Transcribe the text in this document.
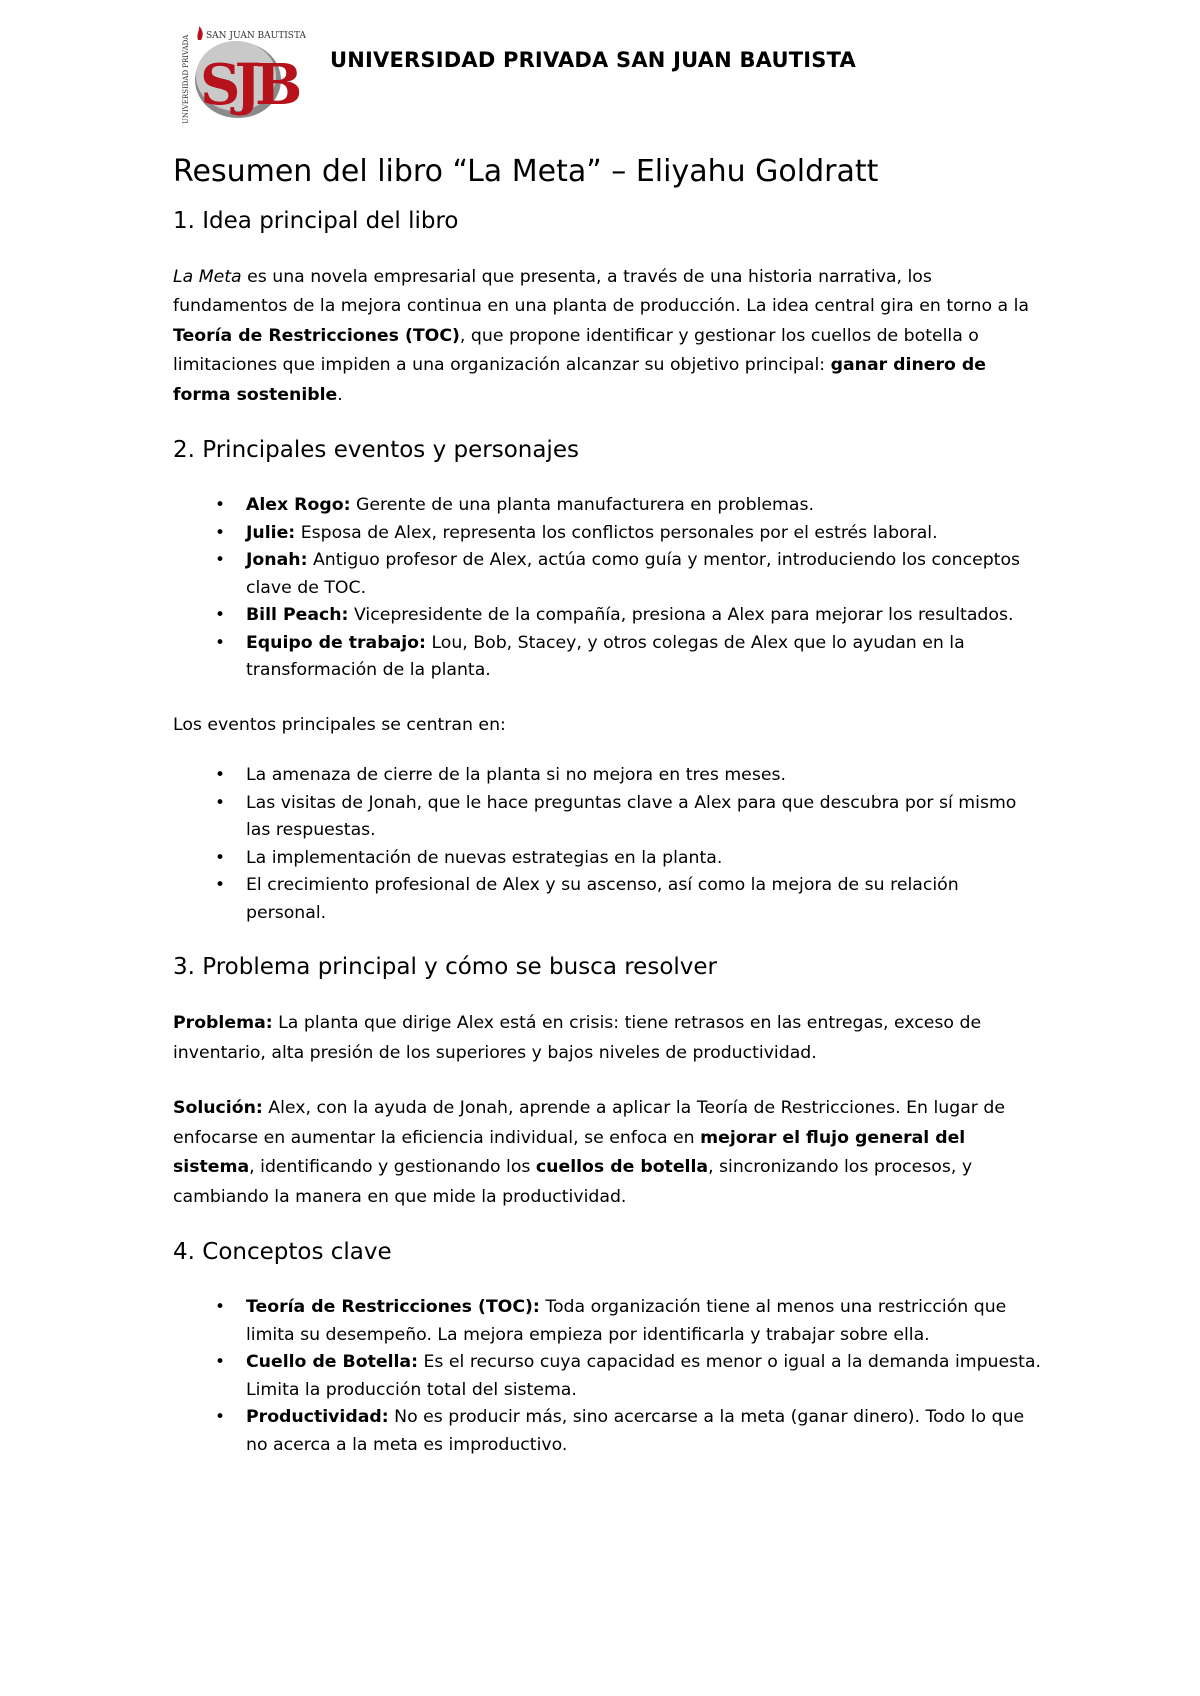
SAN JUAN BAUTISTA
SJB
UNIVERSIDAD PRIVADA	UNIVERSIDAD PRIVADA SAN JUAN BAUTISTA
Resumen del libro “La Meta” – Eliyahu Goldratt
1. Idea principal del libro

La Meta es una novela empresarial que presenta, a través de una historia narrativa, los fundamentos de la mejora continua en una planta de producción. La idea central gira en torno a la Teoría de Restricciones (TOC), que propone identificar y gestionar los cuellos de botella o limitaciones que impiden a una organización alcanzar su objetivo principal: ganar dinero de forma sostenible.

2. Principales eventos y personajes
• Alex Rogo: Gerente de una planta manufacturera en problemas.
• Julie: Esposa de Alex, representa los conflictos personales por el estrés laboral.
• Jonah: Antiguo profesor de Alex, actúa como guía y mentor, introduciendo los conceptos clave de TOC.
• Bill Peach: Vicepresidente de la compañía, presiona a Alex para mejorar los resultados.
• Equipo de trabajo: Lou, Bob, Stacey, y otros colegas de Alex que lo ayudan en la transformación de la planta.

Los eventos principales se centran en:

• La amenaza de cierre de la planta si no mejora en tres meses.
• Las visitas de Jonah, que le hace preguntas clave a Alex para que descubra por sí mismo las respuestas.
• La implementación de nuevas estrategias en la planta.
• El crecimiento profesional de Alex y su ascenso, así como la mejora de su relación personal.
3. Problema principal y cómo se busca resolver

Problema: La planta que dirige Alex está en crisis: tiene retrasos en las entregas, exceso de inventario, alta presión de los superiores y bajos niveles de productividad.

Solución: Alex, con la ayuda de Jonah, aprende a aplicar la Teoría de Restricciones. En lugar de enfocarse en aumentar la eficiencia individual, se enfoca en mejorar el flujo general del sistema, identificando y gestionando los cuellos de botella, sincronizando los procesos, y cambiando la manera en que mide la productividad.

4. Conceptos clave
• Teoría de Restricciones (TOC): Toda organización tiene al menos una restricción que limita su desempeño. La mejora empieza por identificarla y trabajar sobre ella.
• Cuello de Botella: Es el recurso cuya capacidad es menor o igual a la demanda impuesta. Limita la producción total del sistema.
• Productividad: No es producir más, sino acercarse a la meta (ganar dinero). Todo lo que no acerca a la meta es improductivo.
